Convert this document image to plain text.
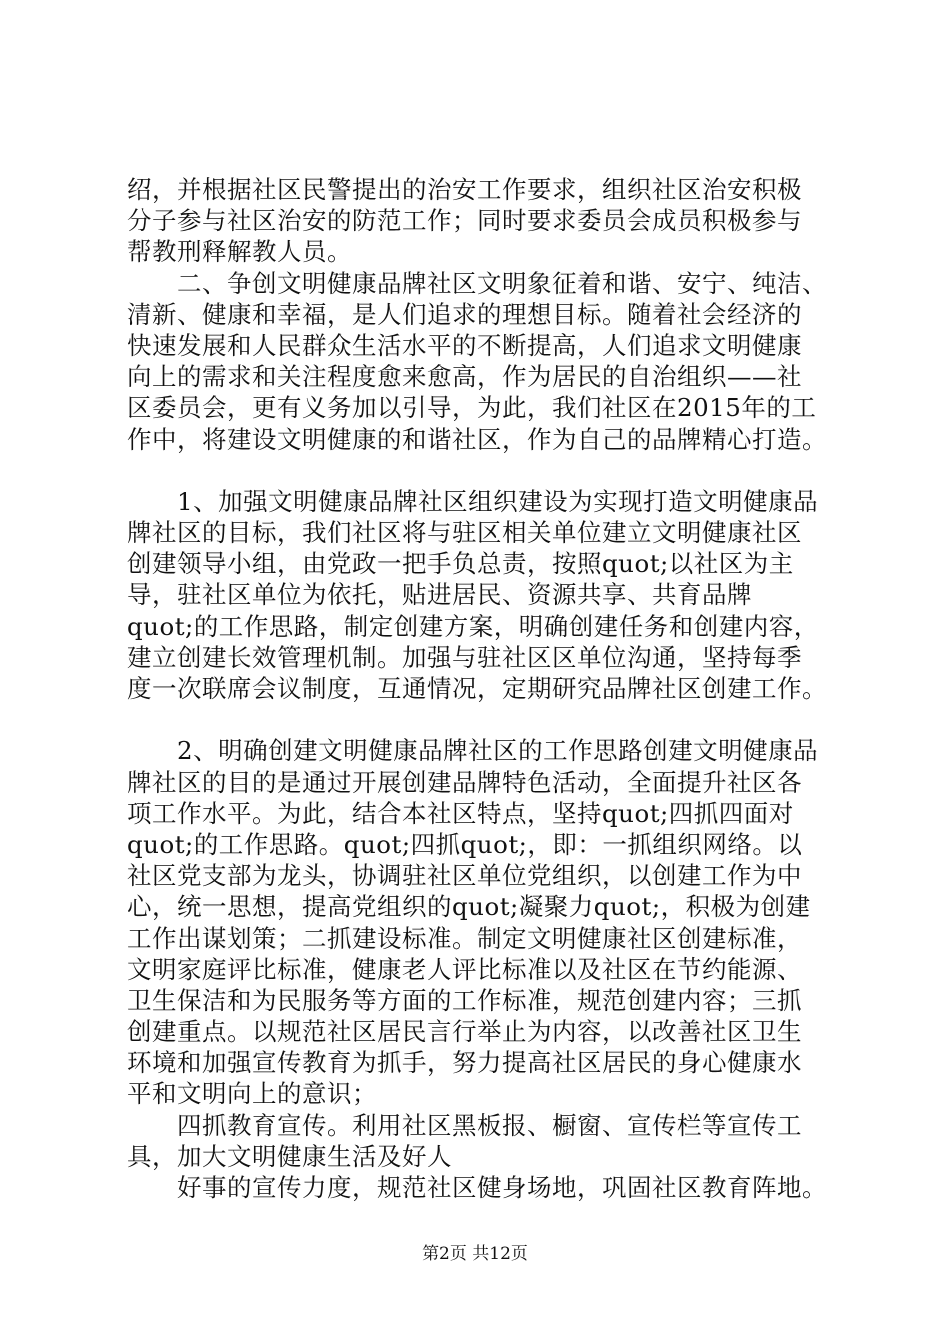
绍，并根据社区民警提出的治安工作要求，组织社区治安积极
分子参与社区治安的防范工作；同时要求委员会成员积极参与
帮教刑释解教人员。
二、争创文明健康品牌社区文明象征着和谐、安宁、纯洁、
清新、健康和幸福，是人们追求的理想目标。随着社会经济的
快速发展和人民群众生活水平的不断提高，人们追求文明健康
向上的需求和关注程度愈来愈高，作为居民的自治组织——社
区委员会，更有义务加以引导，为此，我们社区在2015年的工
作中，将建设文明健康的和谐社区，作为自己的品牌精心打造。
1、加强文明健康品牌社区组织建设为实现打造文明健康品
牌社区的目标，我们社区将与驻区相关单位建立文明健康社区
创建领导小组，由党政一把手负总责，按照quot;以社区为主
导，驻社区单位为依托，贴进居民、资源共享、共育品牌
quot;的工作思路，制定创建方案，明确创建任务和创建内容，
建立创建长效管理机制。加强与驻社区区单位沟通，坚持每季
度一次联席会议制度，互通情况，定期研究品牌社区创建工作。
2、明确创建文明健康品牌社区的工作思路创建文明健康品
牌社区的目的是通过开展创建品牌特色活动，全面提升社区各
项工作水平。为此，结合本社区特点，坚持quot;四抓四面对
quot;的工作思路。quot;四抓quot;，即：一抓组织网络。以
社区党支部为龙头，协调驻社区单位党组织，以创建工作为中
心，统一思想，提高党组织的quot;凝聚力quot;，积极为创建
工作出谋划策；二抓建设标准。制定文明健康社区创建标准，
文明家庭评比标准，健康老人评比标准以及社区在节约能源、
卫生保洁和为民服务等方面的工作标准，规范创建内容；三抓
创建重点。以规范社区居民言行举止为内容，以改善社区卫生
环境和加强宣传教育为抓手，努力提高社区居民的身心健康水
平和文明向上的意识；
四抓教育宣传。利用社区黑板报、橱窗、宣传栏等宣传工
具，加大文明健康生活及好人
好事的宣传力度，规范社区健身场地，巩固社区教育阵地。
第2页 共12页
